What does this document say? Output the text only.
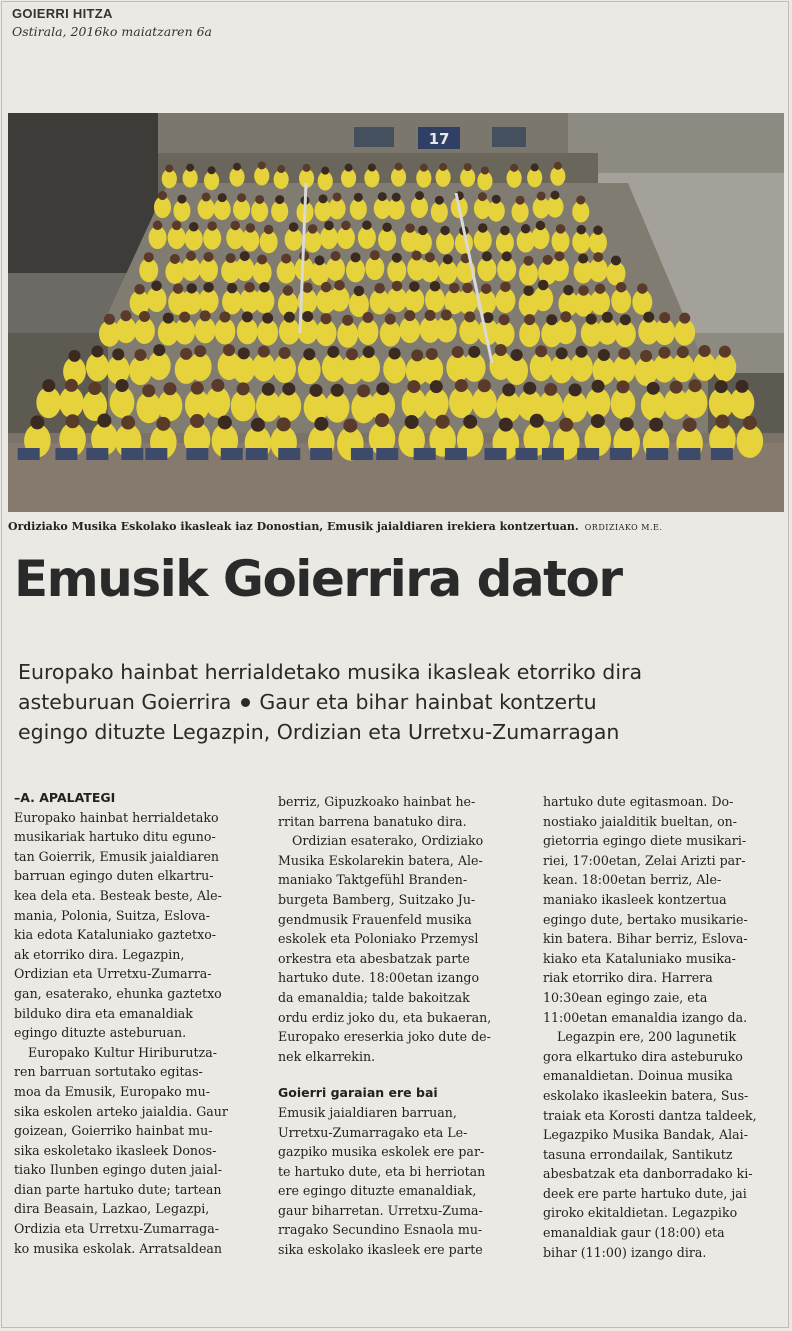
GOIERRI HITZA
Ostirala, 2016ko maiatzaren 6a
17
Ordiziako Musika Eskolako ikasleak iaz Donostian, Emusik jaialdiaren irekiera kontzertuan. ORDIZIAKO M.E.
Emusik Goierrira dator

Europako hainbat herrialdetako musika ikasleak etorriko dira

asteburuan Goierrira Gaur eta bihar hainbat kontzertu

egingo dituzte Legazpin, Ordizian eta Urretxu-Zumarragan

–A. APALATEGI

Europako hainbat herrialdetako

musikariak hartuko ditu eguno-

tan Goierrik, Emusik jaialdiaren

barruan egingo duten elkartru-

kea dela eta. Besteak beste, Ale-

mania, Polonia, Suitza, Eslova-

kia edota Kataluniako gaztetxo-

ak etorriko dira. Legazpin,

Ordizian eta Urretxu-Zumarra-

gan, esaterako, ehunka gaztetxo

bilduko dira eta emanaldiak

egingo dituzte asteburuan.

Europako Kultur Hiriburutza-

ren barruan sortutako egitas-

moa da Emusik, Europako mu-

sika eskolen arteko jaialdia. Gaur

goizean, Goierriko hainbat mu-

sika eskoletako ikasleek Donos-

tiako Ilunben egingo duten jaial-

dian parte hartuko dute; tartean

dira Beasain, Lazkao, Legazpi,

Ordizia eta Urretxu-Zumarraga-

ko musika eskolak. Arratsaldean

berriz, Gipuzkoako hainbat he-

rritan barrena banatuko dira.

Ordizian esaterako, Ordiziako

Musika Eskolarekin batera, Ale-

maniako Taktgefühl Branden-

burgeta Bamberg, Suitzako Ju-

gendmusik Frauenfeld musika

eskolek eta Poloniako Przemysl

orkestra eta abesbatzak parte

hartuko dute. 18:00etan izango

da emanaldia; talde bakoitzak

ordu erdiz joko du, eta bukaeran,

Europako ereserkia joko dute de-

nek elkarrekin.

Goierri garaian ere bai

Emusik jaialdiaren barruan,

Urretxu-Zumarragako eta Le-

gazpiko musika eskolek ere par-

te hartuko dute, eta bi herriotan

ere egingo dituzte emanaldiak,

gaur biharretan. Urretxu-Zuma-

rragako Secundino Esnaola mu-

sika eskolako ikasleek ere parte

hartuko dute egitasmoan. Do-

nostiako jaialditik bueltan, on-

gietorria egingo diete musikari-

riei, 17:00etan, Zelai Arizti par-

kean. 18:00etan berriz, Ale-

maniako ikasleek kontzertua

egingo dute, bertako musikarie-

kin batera. Bihar berriz, Eslova-

kiako eta Kataluniako musika-

riak etorriko dira. Harrera

10:30ean egingo zaie, eta

11:00etan emanaldia izango da.

Legazpin ere, 200 lagunetik

gora elkartuko dira asteburuko

emanaldietan. Doinua musika

eskolako ikasleekin batera, Sus-

traiak eta Korosti dantza taldeek,

Legazpiko Musika Bandak, Alai-

tasuna errondailak, Santikutz

abesbatzak eta danborradako ki-

deek ere parte hartuko dute, jai

giroko ekitaldietan. Legazpiko

emanaldiak gaur (18:00) eta

bihar (11:00) izango dira.
